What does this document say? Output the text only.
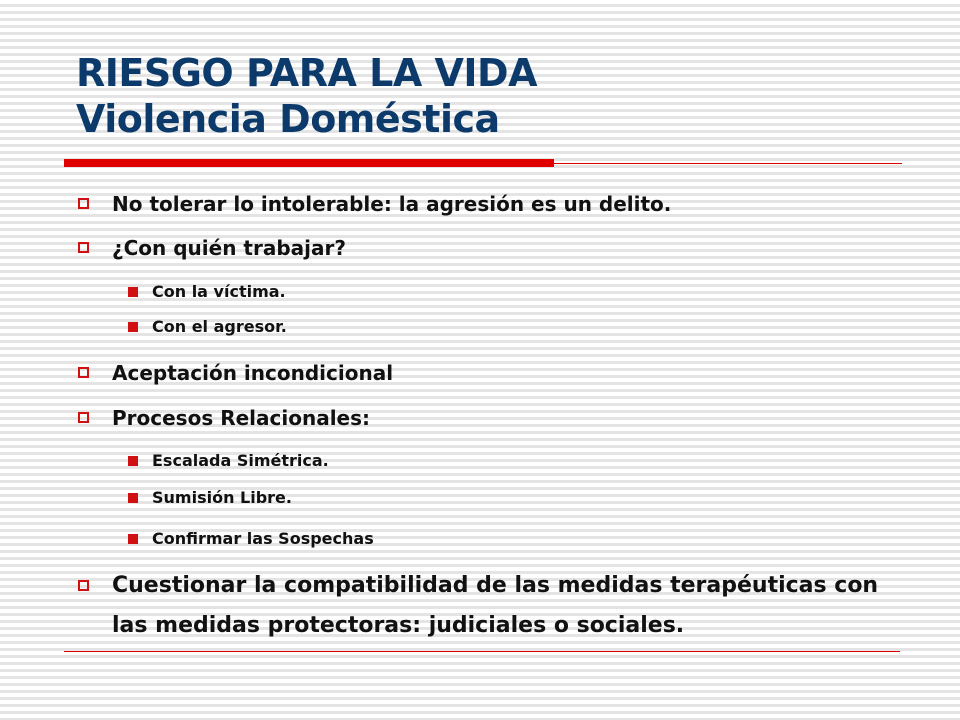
RIESGO PARA LA VIDA
Violencia Doméstica
No tolerar lo intolerable: la agresión es un delito.
¿Con quién trabajar?
Con la víctima.
Con el agresor.
Aceptación incondicional
Procesos Relacionales:
Escalada Simétrica.
Sumisión Libre.
Confirmar las Sospechas
Cuestionar la compatibilidad de las medidas terapéuticas con las medidas protectoras: judiciales o sociales.
